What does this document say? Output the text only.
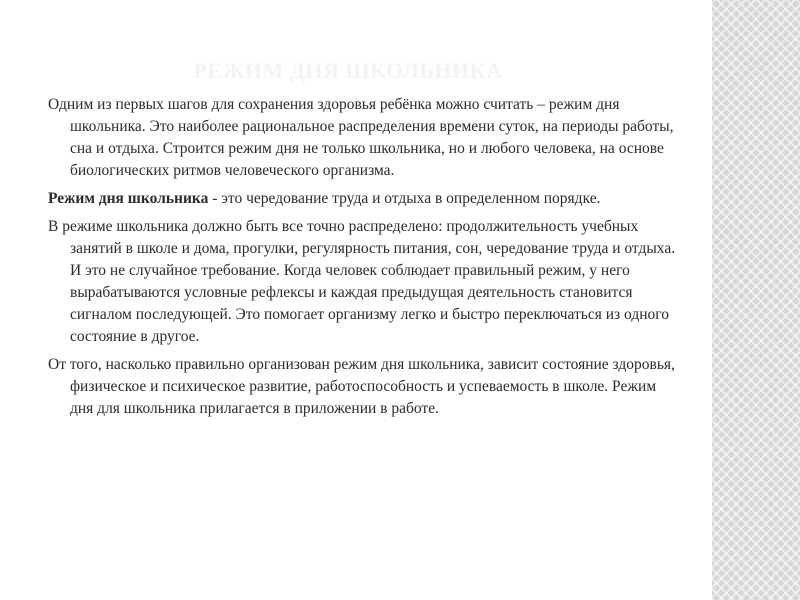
РЕЖИМ ДНЯ ШКОЛЬНИКА

Одним из первых шагов для сохранения здоровья ребёнка можно считать – режим дня школьника. Это наиболее рациональное распределения времени суток, на периоды работы, сна и отдыха. Строится режим дня не только школьника, но и любого человека, на основе биологических ритмов человеческого организма.

Режим дня школьника - это чередование труда и отдыха в определенном порядке.

В режиме школьника должно быть все точно распределено: продолжительность учебных занятий в школе и дома, прогулки, регулярность питания, сон, чередование труда и отдыха. И это не случайное требование. Когда человек соблюдает правильный режим, у него вырабатываются условные рефлексы и каждая предыдущая деятельность становится сигналом последующей. Это помогает организму легко и быстро переключаться из одного состояние в другое.

От того, насколько правильно организован режим дня школьника, зависит состояние здоровья, физическое и психическое развитие, работоспособность и успеваемость в школе. Режим дня для школьника прилагается в приложении в работе.
